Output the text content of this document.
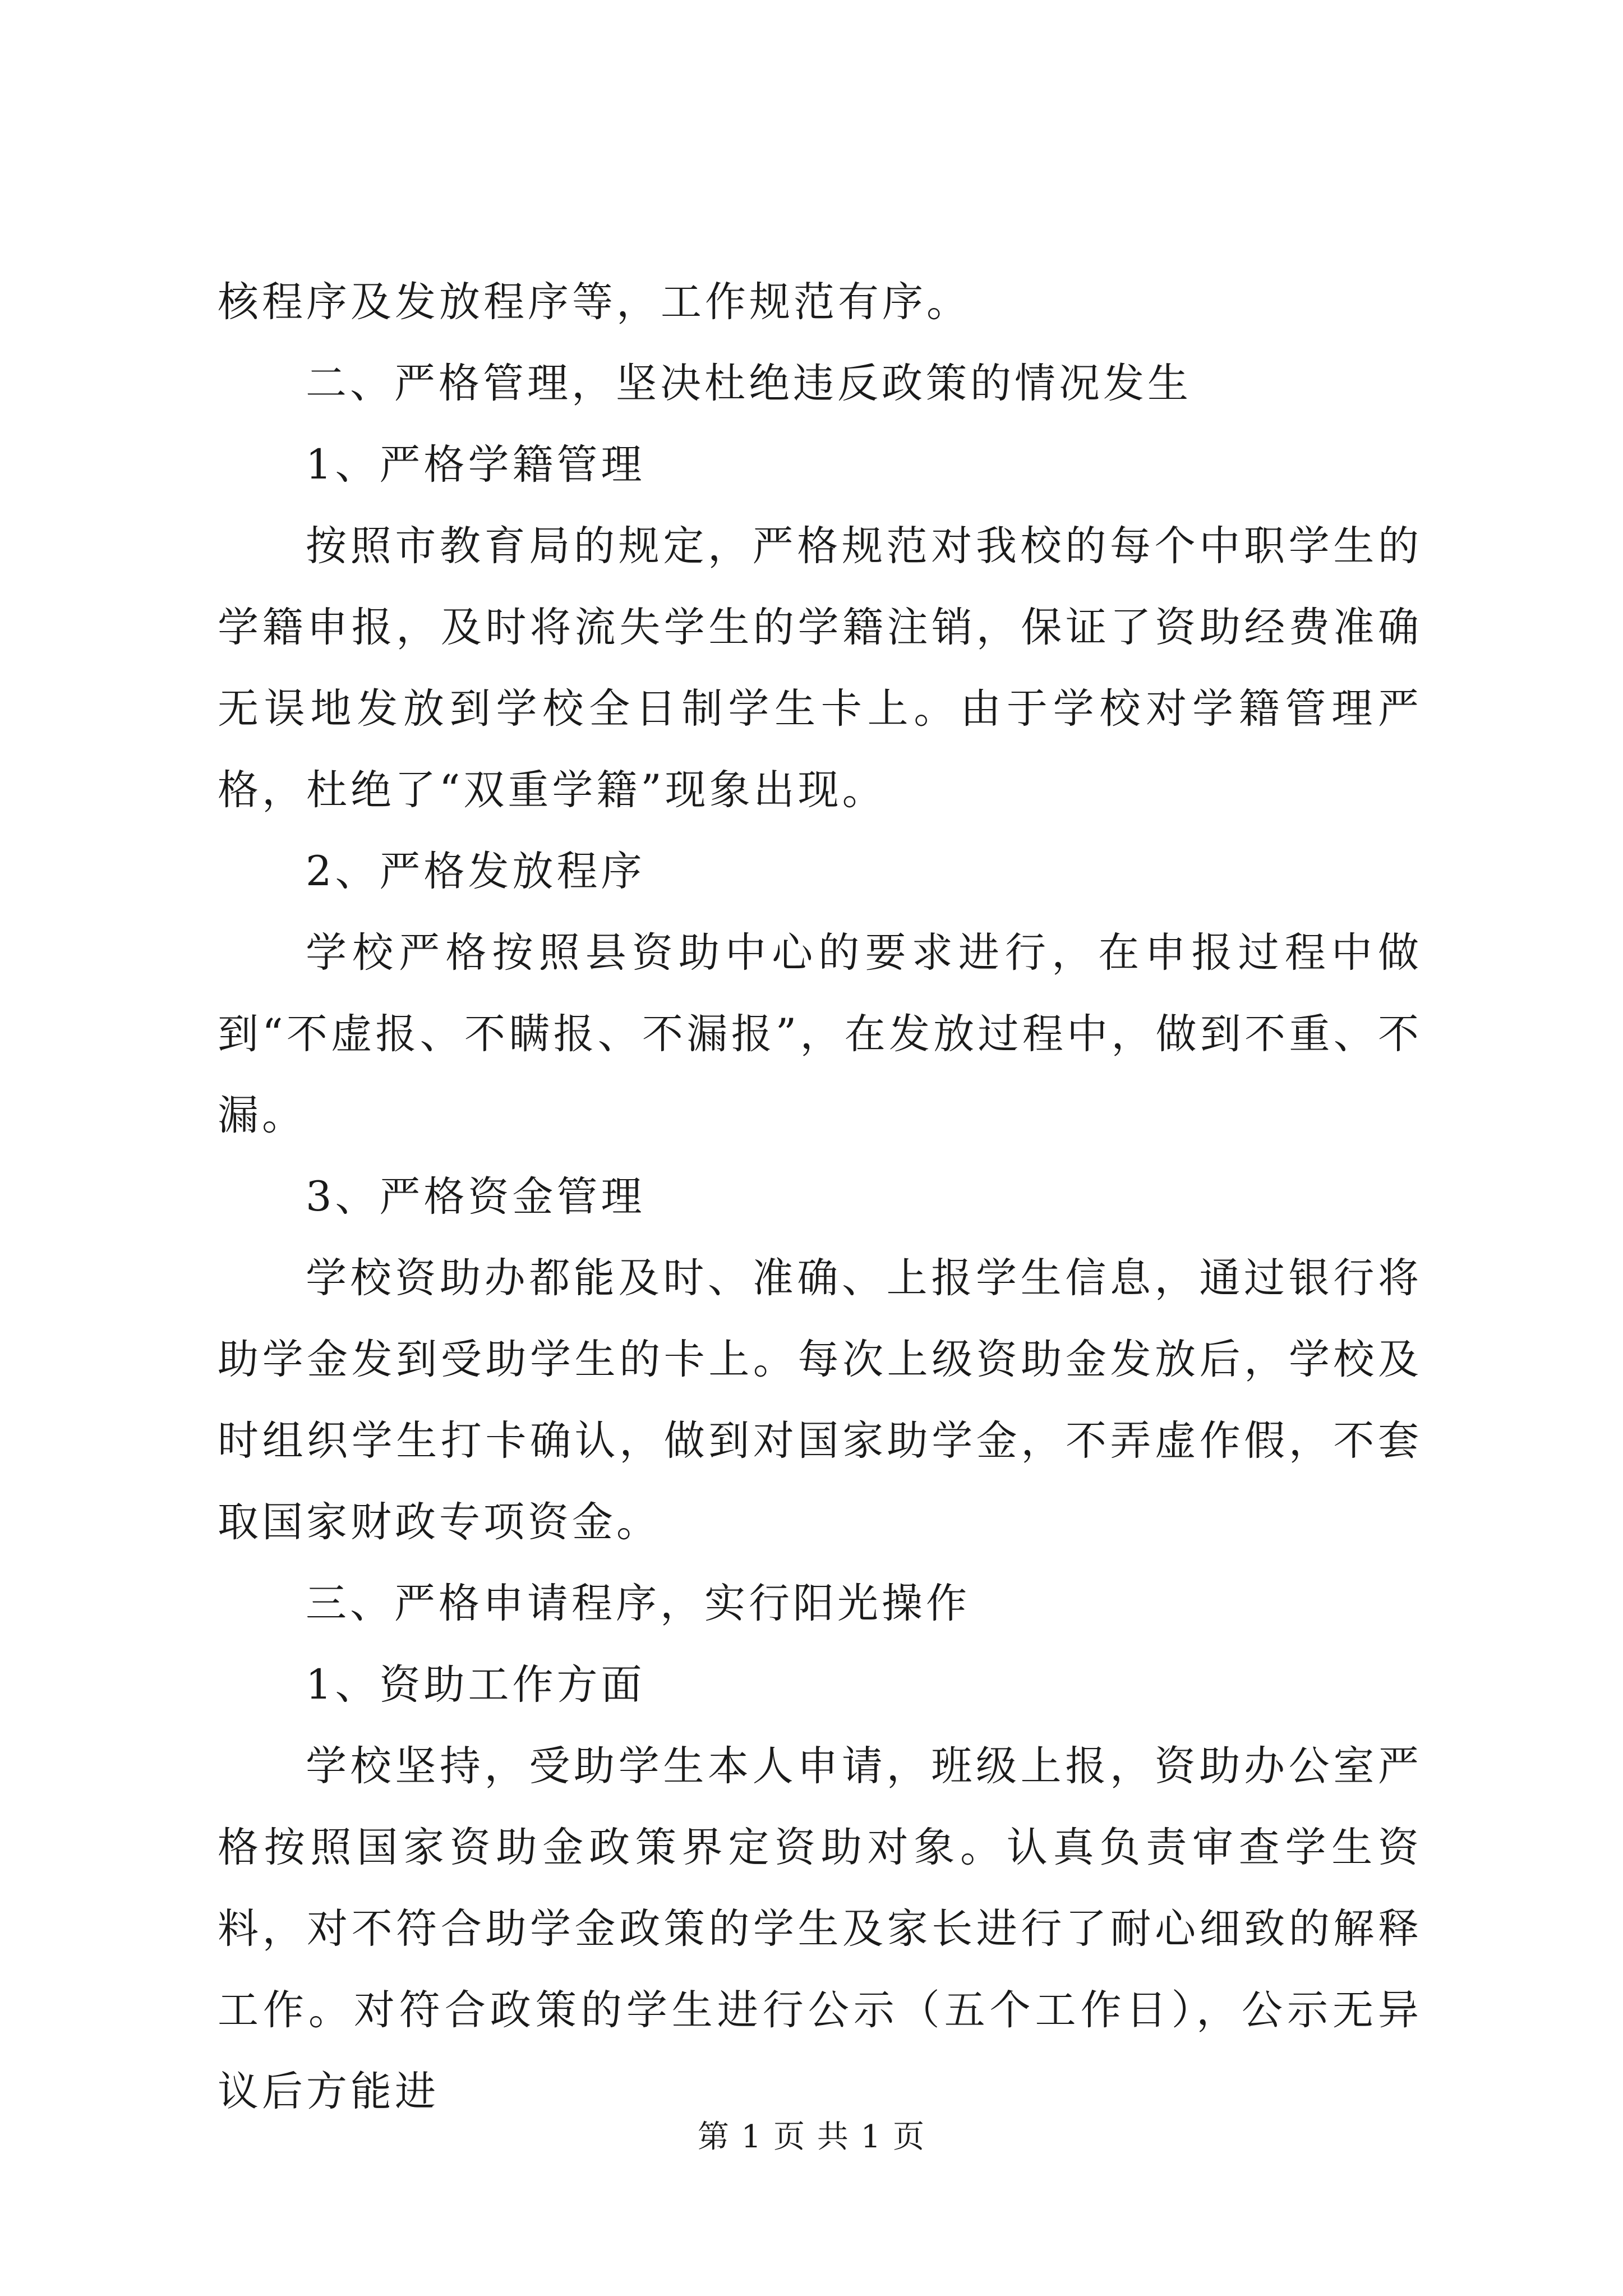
核程序及发放程序等，工作规范有序。

二、严格管理，坚决杜绝违反政策的情况发生

1、严格学籍管理

按照市教育局的规定，严格规范对我校的每个中职学生的学籍申报，及时将流失学生的学籍注销，保证了资助经费准确无误地发放到学校全日制学生卡上。由于学校对学籍管理严格，杜绝了“双重学籍”现象出现。

2、严格发放程序

学校严格按照县资助中心的要求进行，在申报过程中做到“不虚报、不瞒报、不漏报”，在发放过程中，做到不重、不漏。

3、严格资金管理

学校资助办都能及时、准确、上报学生信息，通过银行将助学金发到受助学生的卡上。每次上级资助金发放后，学校及时组织学生打卡确认，做到对国家助学金，不弄虚作假，不套取国家财政专项资金。

三、严格申请程序，实行阳光操作

1、资助工作方面

学校坚持，受助学生本人申请，班级上报，资助办公室严格按照国家资助金政策界定资助对象。认真负责审查学生资料，对不符合助学金政策的学生及家长进行了耐心细致的解释工作。对符合政策的学生进行公示（五个工作日），公示无异议后方能进

第 1 页 共 1 页
